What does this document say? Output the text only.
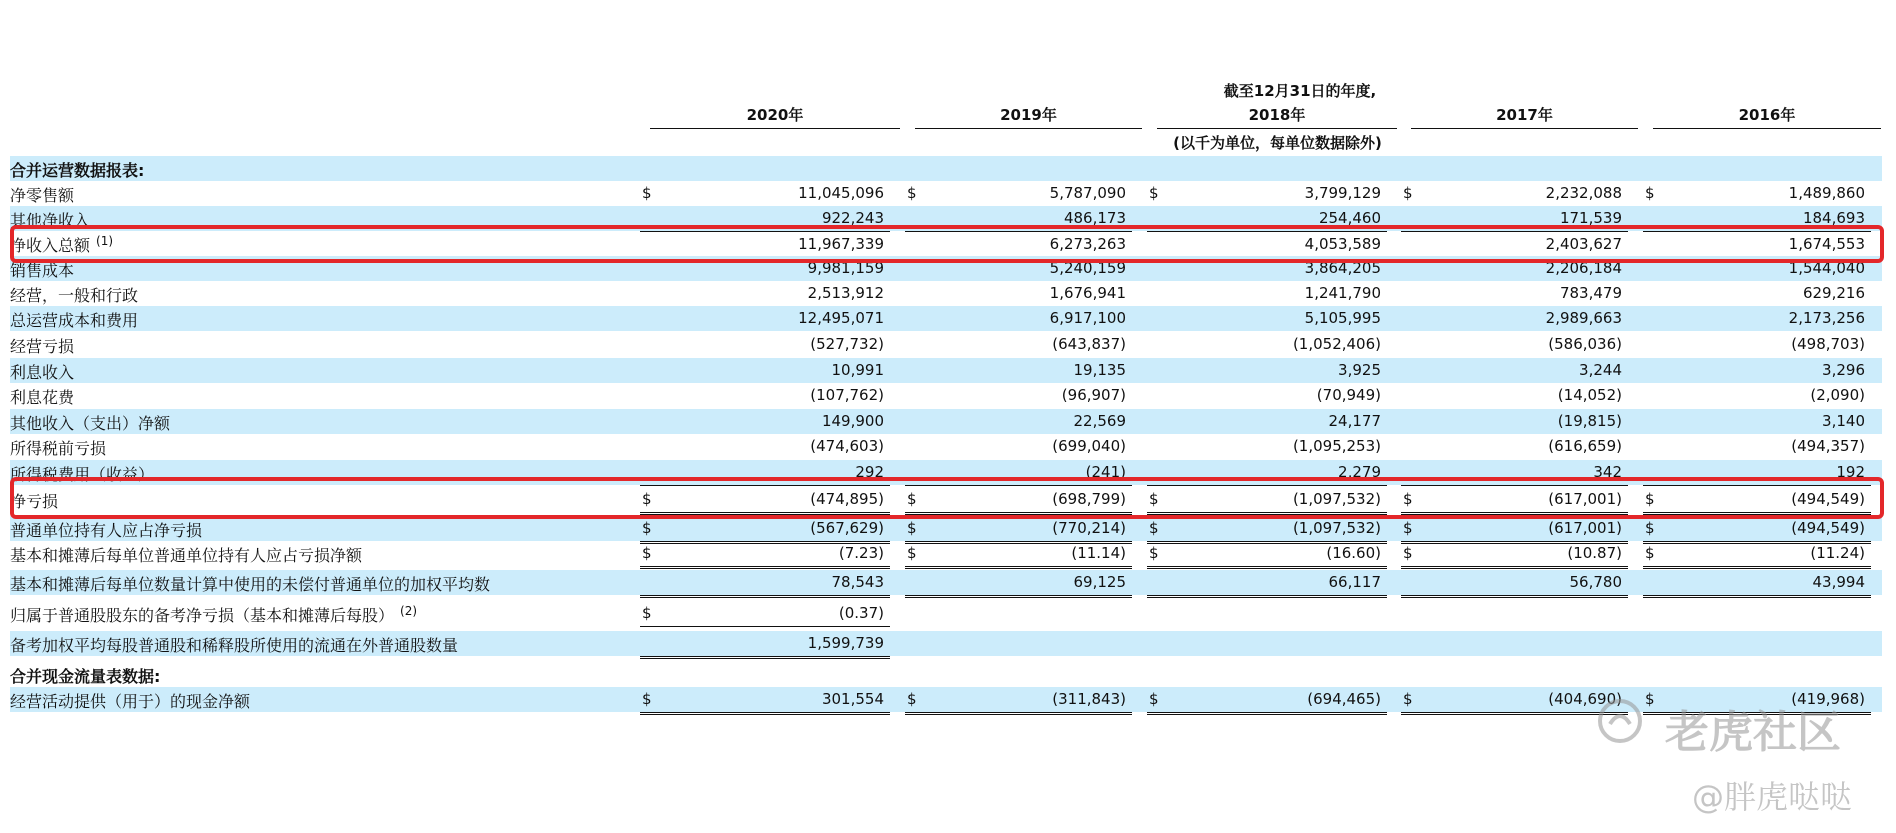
截至12月31日的年度,
2020年	2019年	2018年	2017年	2016年
(以千为单位，每单位数据除外)
合并运营数据报表:
净零售额	$	11,045,096 $	5,787,090 $	3,799,129 $	2,232,088 $	1,489,860
其他净收入	922,243	486,173	254,460	171,539	184,693
净收入总额 $^{(1)}$	11,967,339	6,273,263	4,053,589	2,403,627	1,674,553
销售成本	9,981,159	5,240,159	3,864,205	2,206,184	1,544,040
经营，一般和行政	2,513,912	1,676,941	1,241,790	783,479	629,216
总运营成本和费用	12,495,071	6,917,100	5,105,995	2,989,663	2,173,256
经营亏损	(527,732)	(643,837)	(1,052,406)	(586,036)	(498,703)
利息收入	10,991	19,135	3,925	3,244	3,296
利息花费	(107,762)	(96,907)	(70,949)	(14,052)	(2,090)
其他收入（支出）净额	149,900	22,569	24,177	(19,815)	3,140
所得税前亏损	(474,603)	(699,040)	(1,095,253)	(616,659)	(494,357)
所得税费用（收益）	292	(241)	2,279	342	192
净亏损	$	(474,895) $	(698,799) $	(1,097,532) $	(617,001) $	(494,549)
普通单位持有人应占净亏损	$	(567,629) $	(770,214) $	(1,097,532) $	(617,001) $	(494,549)
基本和摊薄后每单位普通单位持有人应占亏损净额	$	(7.23) $	(11.14) $	(16.60) $	(10.87) $	(11.24)
基本和摊薄后每单位数量计算中使用的未偿付普通单位的加权平均数	78,543	69,125	66,117	56,780	43,994
归属于普通股股东的备考净亏损（基本和摊薄后每股） $^{(2)}$	$	(0.37)
备考加权平均每股普通股和稀释股所使用的流通在外普通股数量	1,599,739
合并现金流量表数据:
经营活动提供（用于）的现金净额	$	301,554 $	(311,843) $	(694,465) $	(404,690) $	(419,968)
老虎社区
@胖虎哒哒
